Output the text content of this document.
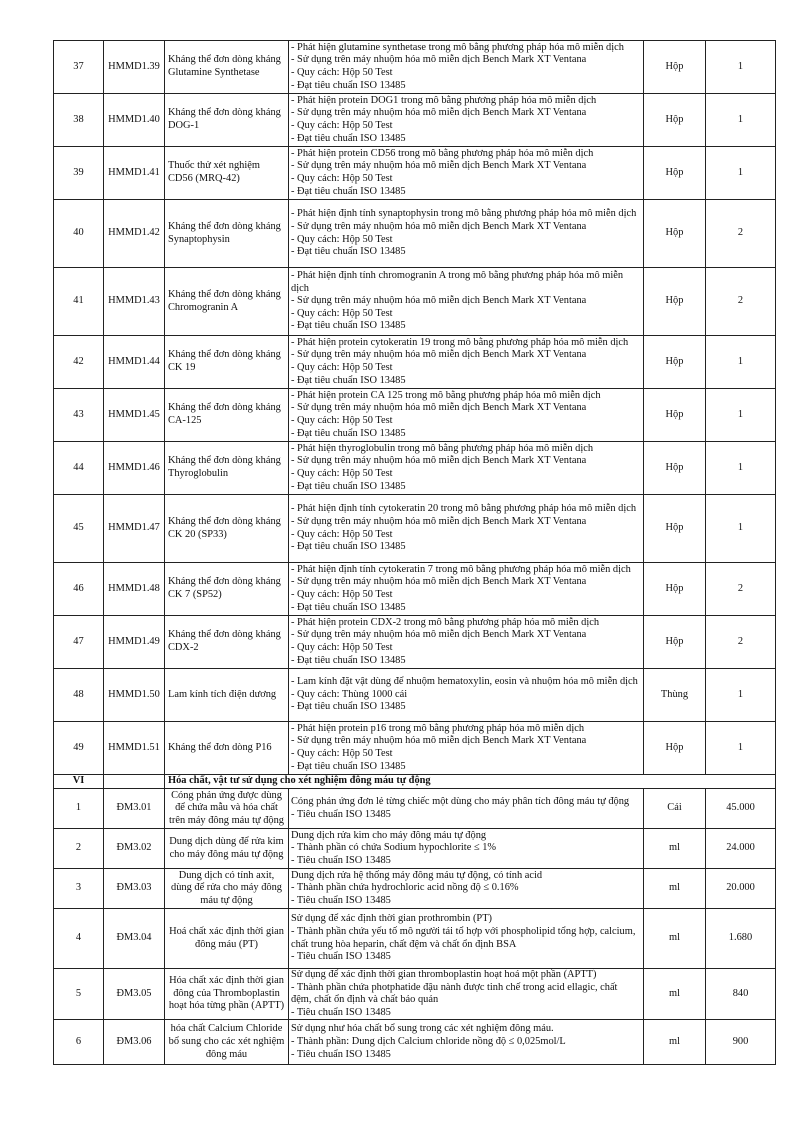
37	HMMD1.39	Kháng thể đơn dòng kháng Glutamine Synthetase	- Phát hiện glutamine synthetase trong mô bằng phương pháp hóa mô miễn dịch
- Sử dụng trên máy nhuộm hóa mô miễn dịch Bench Mark XT Ventana
- Quy cách: Hộp 50 Test
- Đạt tiêu chuẩn ISO 13485	Hộp	1
38	HMMD1.40	Kháng thể đơn dòng kháng DOG-1	- Phát hiện protein DOG1 trong mô bằng phương pháp hóa mô miễn dịch
- Sử dụng trên máy nhuộm hóa mô miễn dịch Bench Mark XT Ventana
- Quy cách: Hộp 50 Test
- Đạt tiêu chuẩn ISO 13485	Hộp	1
39	HMMD1.41	Thuốc thử xét nghiệm CD56 (MRQ-42)	- Phát hiện protein CD56 trong mô bằng phương pháp hóa mô miễn dịch
- Sử dụng trên máy nhuộm hóa mô miễn dịch Bench Mark XT Ventana
- Quy cách: Hộp 50 Test
- Đạt tiêu chuẩn ISO 13485	Hộp	1
40	HMMD1.42	Kháng thể đơn dòng kháng Synaptophysin	- Phát hiện định tính synaptophysin trong mô bằng phương pháp hóa mô miễn dịch
- Sử dụng trên máy nhuộm hóa mô miễn dịch Bench Mark XT Ventana
- Quy cách: Hộp 50 Test
- Đạt tiêu chuẩn ISO 13485	Hộp	2
41	HMMD1.43	Kháng thể đơn dòng kháng Chromogranin A	- Phát hiện định tính chromogranin A trong mô bằng phương pháp hóa mô miễn dịch
- Sử dụng trên máy nhuộm hóa mô miễn dịch Bench Mark XT Ventana
- Quy cách: Hộp 50 Test
- Đạt tiêu chuẩn ISO 13485	Hộp	2
42	HMMD1.44	Kháng thể đơn dòng kháng CK 19	- Phát hiện protein cytokeratin 19 trong mô bằng phương pháp hóa mô miễn dịch
- Sử dụng trên máy nhuộm hóa mô miễn dịch Bench Mark XT Ventana
- Quy cách: Hộp 50 Test
- Đạt tiêu chuẩn ISO 13485	Hộp	1
43	HMMD1.45	Kháng thể đơn dòng kháng CA-125	- Phát hiện protein CA 125 trong mô bằng phương pháp hóa mô miễn dịch
- Sử dụng trên máy nhuộm hóa mô miễn dịch Bench Mark XT Ventana
- Quy cách: Hộp 50 Test
- Đạt tiêu chuẩn ISO 13485	Hộp	1
44	HMMD1.46	Kháng thể đơn dòng kháng Thyroglobulin	- Phát hiện thyroglobulin trong mô bằng phương pháp hóa mô miễn dịch
- Sử dụng trên máy nhuộm hóa mô miễn dịch Bench Mark XT Ventana
- Quy cách: Hộp 50 Test
- Đạt tiêu chuẩn ISO 13485	Hộp	1
45	HMMD1.47	Kháng thể đơn dòng kháng CK 20 (SP33)	- Phát hiện định tính cytokeratin 20 trong mô bằng phương pháp hóa mô miễn dịch
- Sử dụng trên máy nhuộm hóa mô miễn dịch Bench Mark XT Ventana
- Quy cách: Hộp 50 Test
- Đạt tiêu chuẩn ISO 13485	Hộp	1
46	HMMD1.48	Kháng thể đơn dòng kháng CK 7 (SP52)	- Phát hiện định tính cytokeratin 7 trong mô bằng phương pháp hóa mô miễn dịch
- Sử dụng trên máy nhuộm hóa mô miễn dịch Bench Mark XT Ventana
- Quy cách: Hộp 50 Test
- Đạt tiêu chuẩn ISO 13485	Hộp	2
47	HMMD1.49	Kháng thể đơn dòng kháng CDX-2	- Phát hiện protein CDX-2 trong mô bằng phương pháp hóa mô miễn dịch
- Sử dụng trên máy nhuộm hóa mô miễn dịch Bench Mark XT Ventana
- Quy cách: Hộp 50 Test
- Đạt tiêu chuẩn ISO 13485	Hộp	2
48	HMMD1.50	Lam kính tích điện dương	- Lam kính đặt vật dùng để nhuộm hematoxylin, eosin và nhuộm hóa mô miễn dịch
- Quy cách: Thùng 1000 cái
- Đạt tiêu chuẩn ISO 13485	Thùng	1
49	HMMD1.51	Kháng thể đơn dòng P16	- Phát hiện protein p16 trong mô bằng phương pháp hóa mô miễn dịch
- Sử dụng trên máy nhuộm hóa mô miễn dịch Bench Mark XT Ventana
- Quy cách: Hộp 50 Test
- Đạt tiêu chuẩn ISO 13485	Hộp	1
VI		Hóa chất, vật tư sử dụng cho xét nghiệm đông máu tự động			
1	ĐM3.01	Cóng phản ứng được dùng để chứa mẫu và hóa chất trên máy đông máu tự động	Cóng phản ứng đơn lẻ từng chiếc một dùng cho máy phân tích đông máu tự động
- Tiêu chuẩn ISO 13485	Cái	45.000
2	ĐM3.02	Dung dịch dùng để rửa kim cho máy đông máu tự động	Dung dịch rửa kim cho máy đông máu tự động
- Thành phần có chứa Sodium hypochlorite ≤ 1%
- Tiêu chuẩn ISO 13485	ml	24.000
3	ĐM3.03	Dung dịch có tính axit, dùng để rửa cho máy đông máu tự động	Dung dịch rửa hệ thống máy đông máu tự động, có tính acid
- Thành phần chứa hydrochloric acid nồng độ ≤ 0.16%
- Tiêu chuẩn ISO 13485	ml	20.000
4	ĐM3.04	Hoá chất xác định thời gian đông máu (PT)	Sử dụng để xác định thời gian prothrombin (PT)
- Thành phần chứa yếu tố mô người tái tổ hợp với phospholipid tổng hợp, calcium, chất trung hòa heparin, chất đệm và chất ổn định BSA
- Tiêu chuẩn ISO 13485	ml	1.680
5	ĐM3.05	Hóa chất xác định thời gian đông của Thromboplastin hoạt hóa từng phần (APTT)	Sử dụng để xác định thời gian thromboplastin hoạt hoá một phần (APTT)
- Thành phần chứa photphatide đậu nành được tinh chế trong acid ellagic, chất đệm, chất ổn định và chất bảo quản
- Tiêu chuẩn ISO 13485	ml	840
6	ĐM3.06	hóa chất Calcium Chloride bổ sung cho các xét nghiệm đông máu	Sử dụng như hóa chất bổ sung trong các xét nghiệm đông máu.
- Thành phần: Dung dịch Calcium chloride nồng độ ≤ 0,025mol/L
- Tiêu chuẩn ISO 13485	ml	900
